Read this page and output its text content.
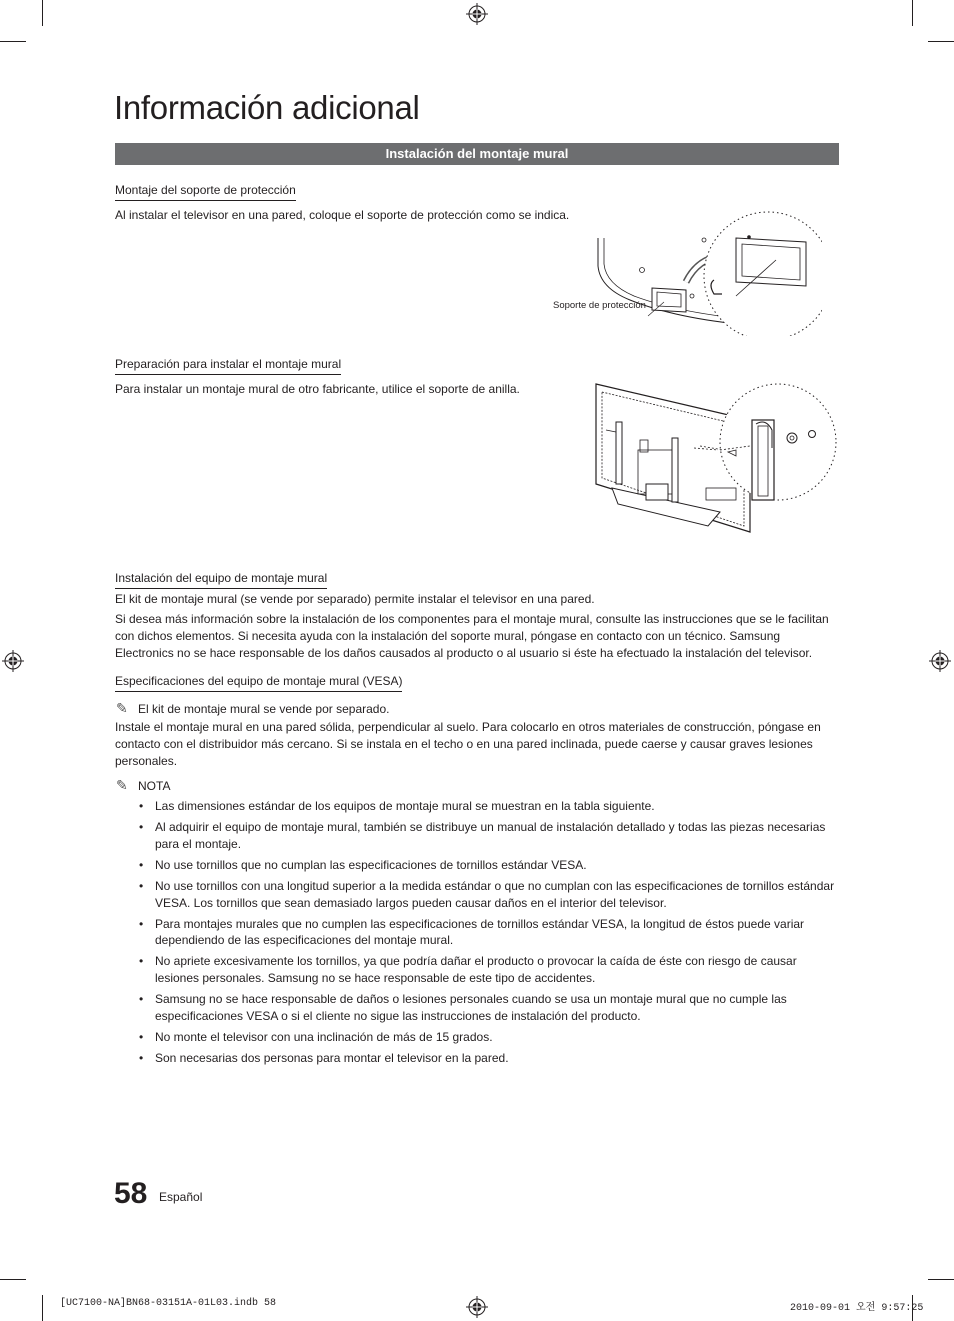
Información adicional
Instalación del montaje mural
Montaje del soporte de protección
Al instalar el televisor en una pared, coloque el soporte de protección como se indica.
Soporte de protección
Preparación para instalar el montaje mural
Para instalar un montaje mural de otro fabricante, utilice el soporte de anilla.
Instalación del equipo de montaje mural
El kit de montaje mural (se vende por separado) permite instalar el televisor en una pared.
Si desea más información sobre la instalación de los componentes para el montaje mural, consulte las instrucciones que se le facilitan con dichos elementos. Si necesita ayuda con la instalación del soporte mural, póngase en contacto con un técnico. Samsung Electronics no se hace responsable de los daños causados al producto o al usuario si éste ha efectuado la instalación del televisor.
Especificaciones del equipo de montaje mural (VESA)
✎ El kit de montaje mural se vende por separado.
Instale el montaje mural en una pared sólida, perpendicular al suelo. Para colocarlo en otros materiales de construcción, póngase en contacto con el distribuidor más cercano. Si se instala en el techo o en una pared inclinada, puede caerse y causar graves lesiones personales.
✎ NOTA
• Las dimensiones estándar de los equipos de montaje mural se muestran en la tabla siguiente.
• Al adquirir el equipo de montaje mural, también se distribuye un manual de instalación detallado y todas las piezas necesarias para el montaje.
• No use tornillos que no cumplan las especificaciones de tornillos estándar VESA.
• No use tornillos con una longitud superior a la medida estándar o que no cumplan con las especificaciones de tornillos estándar VESA. Los tornillos que sean demasiado largos pueden causar daños en el interior del televisor.
• Para montajes murales que no cumplen las especificaciones de tornillos estándar VESA, la longitud de éstos puede variar dependiendo de las especificaciones del montaje mural.
• No apriete excesivamente los tornillos, ya que podría dañar el producto o provocar la caída de éste con riesgo de causar lesiones personales. Samsung no se hace responsable de este tipo de accidentes.
• Samsung no se hace responsable de daños o lesiones personales cuando se usa un montaje mural que no cumple las especificaciones VESA o si el cliente no sigue las instrucciones de instalación del producto.
• No monte el televisor con una inclinación de más de 15 grados.
• Son necesarias dos personas para montar el televisor en la pared.
58 Español
[UC7100-NA]BN68-03151A-01L03.indb 58	2010-09-01 오전 9:57:25
